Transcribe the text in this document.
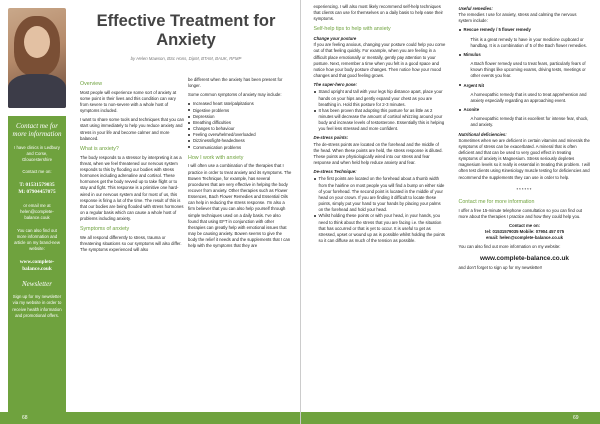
Contact me for more information

I have clinics in Ledbury and Corse, Gloucestershire

Contact me on:

T: 01531579035

M: 07904457075

or email me at

helen@complete-balance.couk

You can also find out more information and article on my brand-new website:

www.complete-balance.couk

Newsletter

Sign up for my newsletter via my website in order to receive health information and promotional offers.

Effective Treatment for Anxiety
by Helen Mawson, BSc Hons, DipM, BTAM, BAUK, RFMP
Overview

Most people will experience some sort of anxiety at some point in their lives and this condition can vary from severe to non-severe with a whole host of symptoms included.

I want to share some tools and techniques that you can start using immediately to help you reduce anxiety and stress in your life and become calmer and more balanced.

What is anxiety?

The body responds to a stressor by interpreting it as a threat, when we feel threatened our nervous system responds to this by flooding our bodies with stress hormones including adrenaline and cortisol. These hormones get the body revved up to take flight or to stay and fight. This response is a primitive one hard-wired in our nervous system and for most of us, this response is firing a lot of the time. The result of this is that our bodies are being flooded with stress hormones on a regular basis which can cause a whole host of problems including anxiety.

Symptoms of anxiety

We all respond differently to stress, trauma or threatening situations so our symptoms will also differ. The symptoms experienced will also

be different when the anxiety has been present for longer.

Some common symptoms of anxiety may include:

Increased heart rate/palpitations
Digestive problems
Depression
Breathing difficulties
Changes to behaviour
Feeling overwhelmed/overloaded
Dizziness/light-headedness
Communication problems
How I work with anxiety

I will often use a combination of the therapies that I practice in order to treat anxiety and its symptoms. The Bowen Technique, for example, has several procedures that are very effective in helping the body recover from anxiety. Other therapies such as Flower Essences, Bach Flower Remedies and Essential Oils can help in reducing the stress response. I'm also a firm believer that you can also help yourself through simple techniques used on a daily basis. I've also found that using EFT in conjunction with other therapies can greatly help with emotional issues that may be causing anxiety. Bowen seems to give the body the relief it needs and the supplements that I can help with the symptoms that they are

68

experiencing. I will also most likely recommend self-help techniques that clients can use for themselves on a daily basis to help ease their symptoms.

Self-help tips to help with anxiety
Change your posture

If you are feeling anxious, changing your posture could help you come out of that feeling quickly. For example, when you are feeling in a difficult place emotionally or mentally, gently pay attention to your posture. Next, remember a time when you felt in a good space and notice how your body posture changes. Then notice how your mood changes and that good feeling grows.

The super-hero pose:
Stand upright and tall with your legs hip distance apart, place your hands on your hips and gently expand your chest as you are breathing in. Hold this posture for 2-3 minutes.
It has been proven that adopting this posture for as little as 2 minutes will decrease the amount of cortisol whizzing around your body and increase levels of testosterone. Essentially this is helping you feel less stressed and more confident.
De-stress points:

The de-stress points are located on the forehead and the middle of the head. When these points are held, the stress response is diluted. These points are physiologically wired into our stress and fear response and when held help reduce anxiety and fear.

De-stress Technique:
The first points are located on the forehead about a thumb width from the hairline on most people you will find a bump on either side of your forehead. The second point is located in the middle of your head on your crown. If you are finding it difficult to locate these points, simply put your hand to your hands by placing your palms on the forehead and hold your head.
Whilst holding these points or with your head, in your hands, you need to think about the stress that you are facing i.e. the situation that has occurred or that is yet to occur. It is useful to get as stressed, upset or wound up as is possible whilst holding the points so it can diffuse as much of the tension as possible.
Useful remedies:

The remedies I use for anxiety, stress and calming the nervous system include:

Rescue remedy / 5 flower remedy

This is a great remedy to have in your medicine cupboard or handbag. It is a combination of 5 of the Bach flower remedies.

Mimulus

A Bach flower remedy used to treat fears, particularly fears of known things like upcoming exams, driving tests, meetings or other events you fear.

Argent Nit

A homeopathic remedy that is used to treat apprehension and anxiety especially regarding an approaching event.

Aconite

A homeopathic remedy that is excellent for intense fear, shock, and anxiety.

Nutritional deficiencies:

Sometimes when we are deficient in certain vitamins and minerals the symptoms of stress can be exacerbated. A mineral that is often deficient and that can be used to very good effect in treating symptoms of anxiety is Magnesium. Stress seriously depletes magnesium levels so it really is essential in treating this problem. I will often test clients using Kinesiology muscle testing for deficiencies and recommend the supplements they can use in order to help.

******
Contact me for more information

I offer a free 15-minute telephone consultation so you can find out more about the therapies I practice and how they could help you.

Contact me on:
tel: 01531579035 Mobile: 07904 457 075

email: helen@complete-balance.co.uk

You can also find out more information on my website:

www.complete-balance.co.uk

and don't forget to sign up for my newsletter!

69
